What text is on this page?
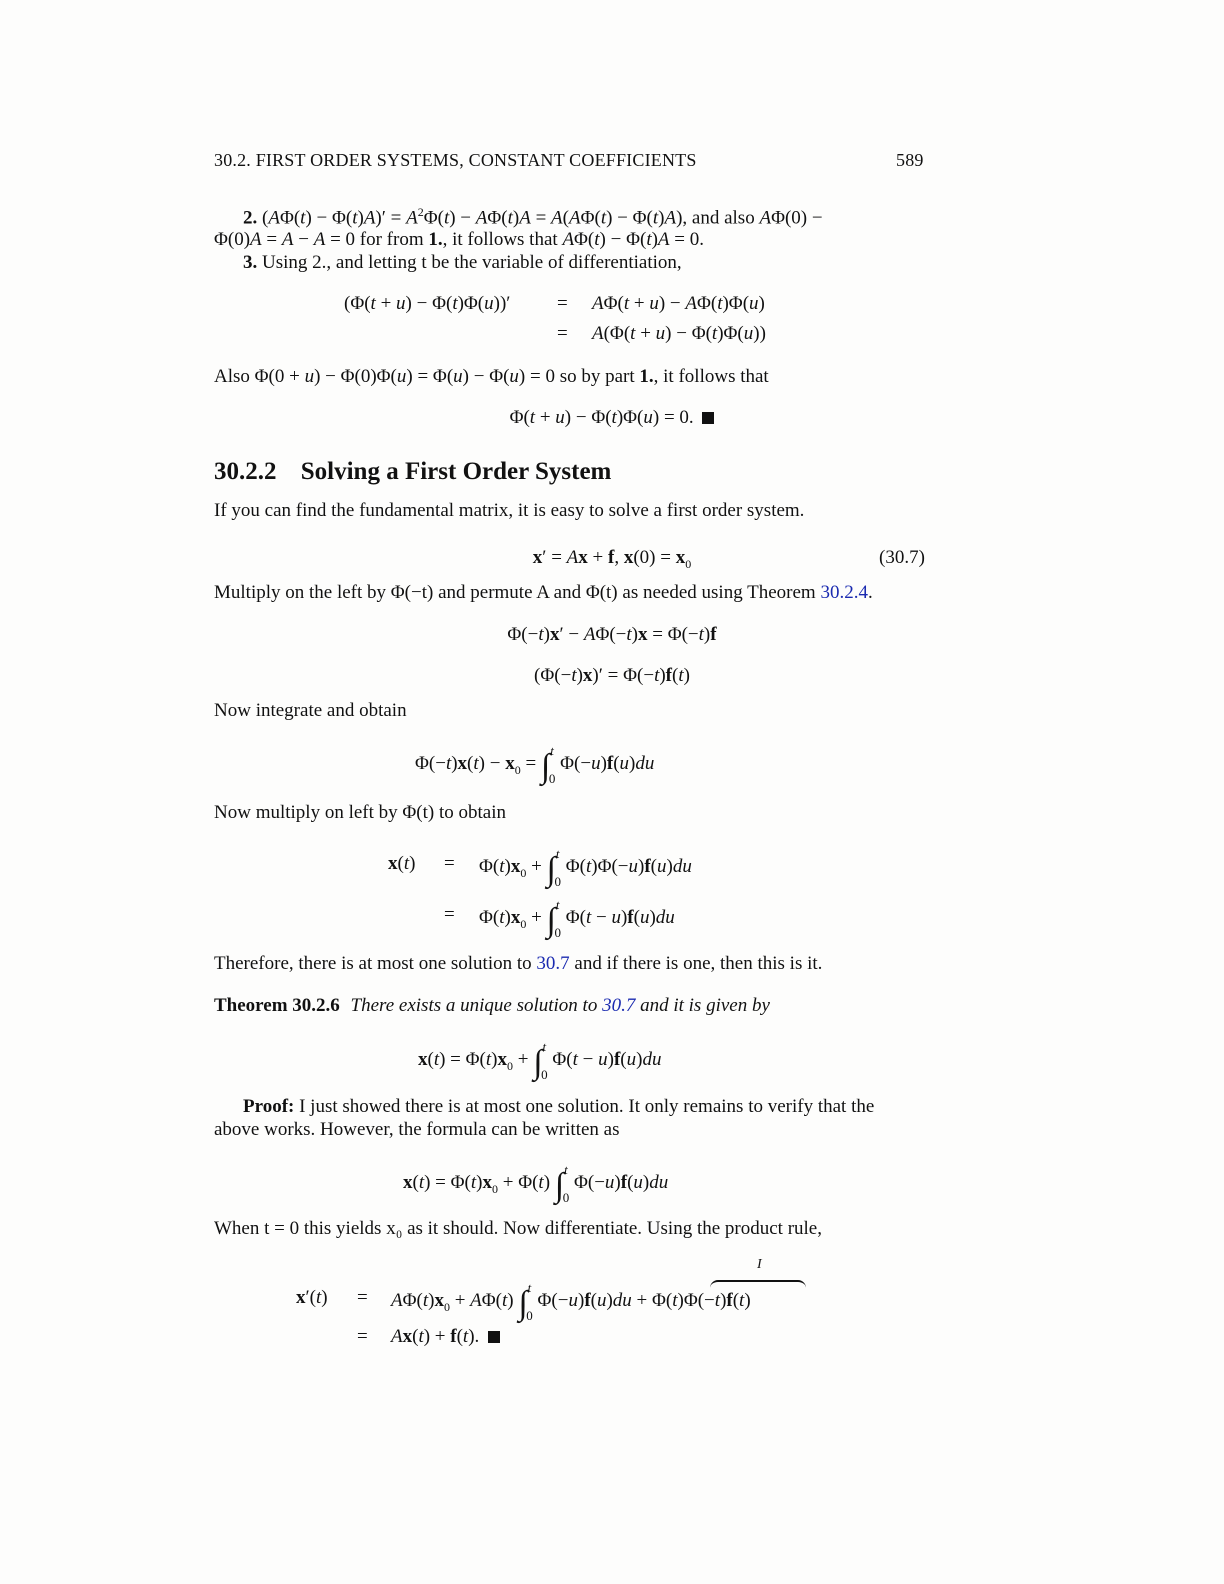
30.2. FIRST ORDER SYSTEMS, CONSTANT COEFFICIENTS	589
2. $(A\Phi(t) - \Phi(t)A)' = A^2\Phi(t) - A\Phi(t)A = A(A\Phi(t) - \Phi(t)A)$, and also AΦ(0) −
Φ(0)A = A − A = 0 for from 1., it follows that AΦ(t) − Φ(t)A = 0.
3. Using 2., and letting t be the variable of differentiation,
(Φ(t + u) − Φ(t)Φ(u))′ = AΦ(t + u) − AΦ(t)Φ(u)
= A(Φ(t + u) − Φ(t)Φ(u))
Also Φ(0 + u) − Φ(0)Φ(u) = Φ(u) − Φ(u) = 0 so by part 1., it follows that
Φ(t + u) − Φ(t)Φ(u) = 0.
30.2.2 Solving a First Order System
If you can find the fundamental matrix, it is easy to solve a first order system.
x′ = Ax + f, $x(0) = x_0$	(30.7)
Multiply on the left by Φ(−t) and permute A and Φ(t) as needed using Theorem 30.2.4.
Φ(−t)x′ − AΦ(−t)x = Φ(−t)f
(Φ(−t)x)′ = Φ(−t)f(t)
Now integrate and obtain
$\Phi(-t)x(t) - x_0 = \int^t_0$ Φ(−u)f(u)du
Now multiply on left by Φ(t) to obtain
$x(t) = \Phi(t)x_0 + \int^t_0$ Φ(t)Φ(−u)f(u)du
= $\Phi(t)x_0 + \int^t_0$ Φ(t − u)f(u)du
Therefore, there is at most one solution to 30.7 and if there is one, then this is it.
Theorem 30.2.6 There exists a unique solution to 30.7 and it is given by
$x(t) = \Phi(t)x_0 + \int^t_0$ Φ(t − u)f(u)du
Proof: I just showed there is at most one solution. It only remains to verify that the
above works. However, the formula can be written as
$x(t) = \Phi(t)x_0 + \Phi(t)$ ∫$^t_0$ Φ(−u)f(u)du
When t = 0 this yields x₀ as it should. Now differentiate. Using the product rule,
I
$x'(t) = A\Phi(t)x_0 + A\Phi(t)$ ∫$^t_0$ Φ(−u)f(u)du + Φ(t)Φ(−t)f(t)
= Ax(t) + f(t).
